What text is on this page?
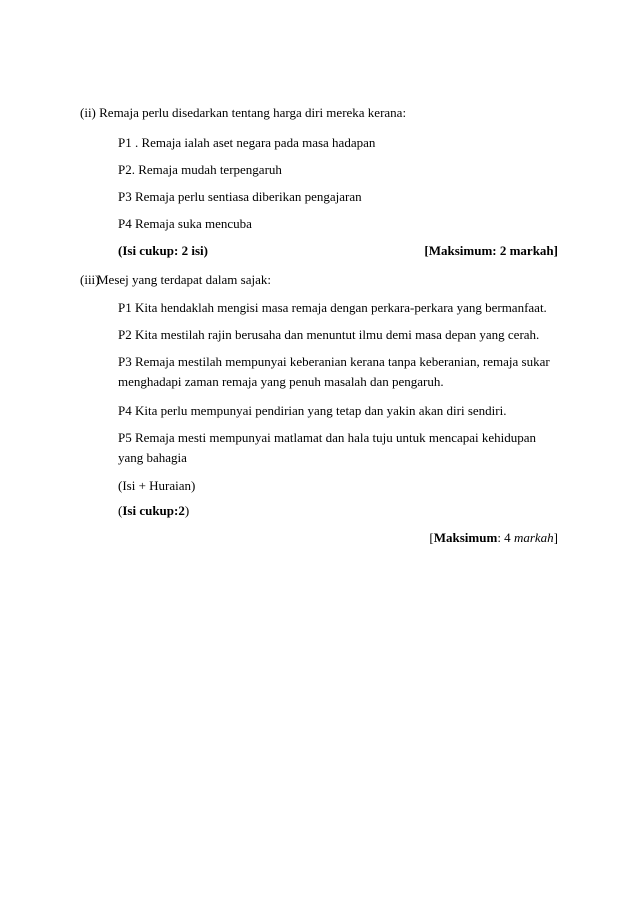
(ii) Remaja perlu disedarkan tentang harga diri mereka kerana:
P1 . Remaja ialah aset negara pada masa hadapan
P2. Remaja mudah terpengaruh
P3 Remaja perlu sentiasa diberikan pengajaran
P4 Remaja suka mencuba
(Isi cukup: 2 isi)	[Maksimum: 2 markah]
(iii)
Mesej yang terdapat dalam sajak:
P1 Kita hendaklah mengisi masa remaja dengan perkara-perkara yang bermanfaat.
P2 Kita mestilah rajin berusaha dan menuntut ilmu demi masa depan yang cerah.
P3 Remaja mestilah mempunyai keberanian kerana tanpa keberanian, remaja sukar
menghadapi zaman remaja yang penuh masalah dan pengaruh.
P4 Kita perlu mempunyai pendirian yang tetap dan yakin akan diri sendiri.
P5 Remaja mesti mempunyai matlamat dan hala tuju untuk mencapai kehidupan
yang bahagia
(Isi + Huraian)
(Isi cukup:2)
[Maksimum: 4 markah]
